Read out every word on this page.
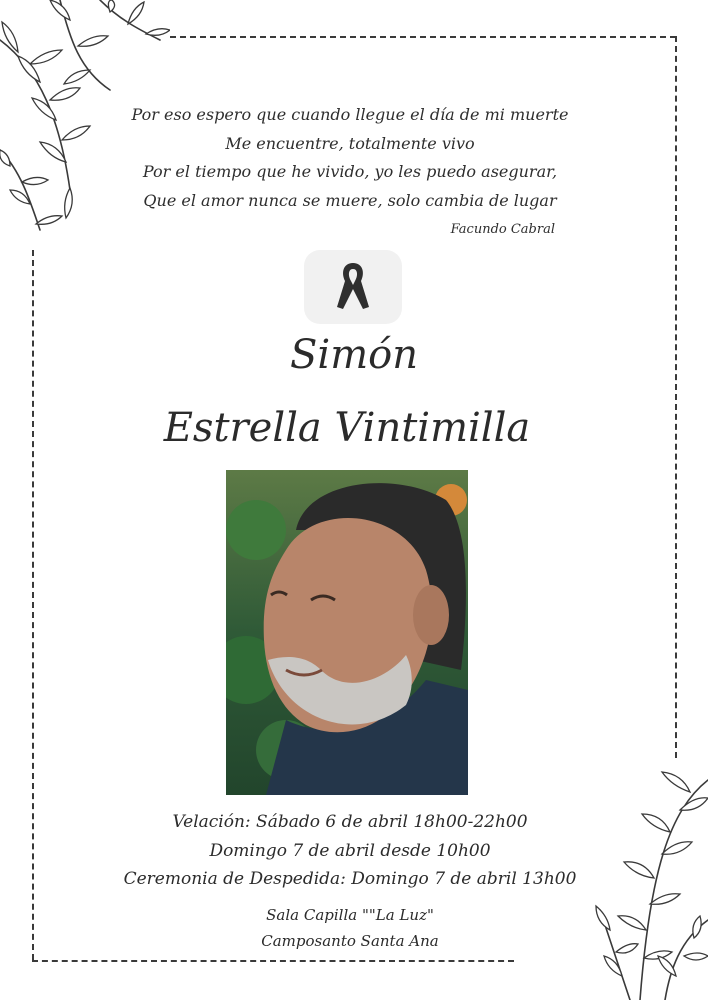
Por eso espero que cuando llegue el día de mi muerte
Me encuentre, totalmente vivo
Por el tiempo que he vivido, yo les puedo asegurar,
Que el amor nunca se muere, solo cambia de lugar
Facundo Cabral
Simón
Estrella Vintimilla
Velación: Sábado 6 de abril 18h00-22h00
Domingo 7 de abril desde 10h00
Ceremonia de Despedida: Domingo 7 de abril 13h00
Sala Capilla ""La Luz"
Camposanto Santa Ana
